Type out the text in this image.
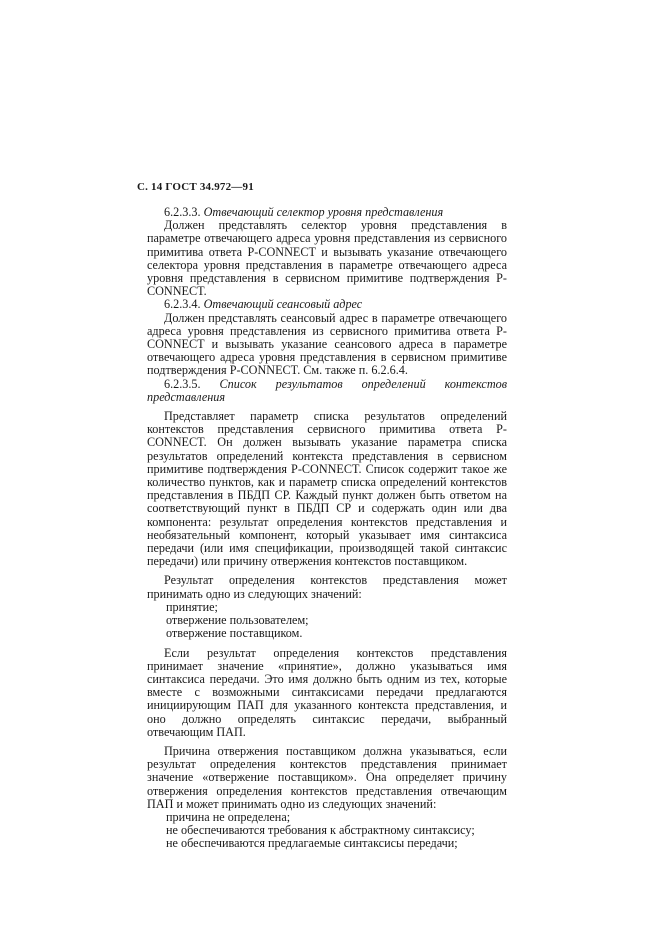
С. 14 ГОСТ 34.972—91

6.2.3.3. Отвечающий селектор уровня представления

Должен представлять селектор уровня представления в параметре отвечающего адреса уровня представления из сервисного примитива ответа P-CONNECT и вызывать указание отвечающего селектора уровня представления в параметре отвечающего адреса уровня представления в сервисном примитиве подтверждения P-CONNECT.

6.2.3.4. Отвечающий сеансовый адрес

Должен представлять сеансовый адрес в параметре отвечающего адреса уровня представления из сервисного примитива ответа P-CONNECT и вызывать указание сеансового адреса в параметре отвечающего адреса уровня представления в сервисном примитиве подтверждения P-CONNECT. См. также п. 6.2.6.4.

6.2.3.5. Список результатов определений контекстов представления

Представляет параметр списка результатов определений контекстов представления сервисного примитива ответа P-CONNECT. Он должен вызывать указание параметра списка результатов определений контекста представления в сервисном примитиве подтверждения P-CONNECT. Список содержит такое же количество пунктов, как и параметр списка определений контекстов представления в ПБДП СР. Каждый пункт должен быть ответом на соответствующий пункт в ПБДП СР и содержать один или два компонента: результат определения контекстов представления и необязательный компонент, который указывает имя синтаксиса передачи (или имя спецификации, производящей такой синтаксис передачи) или причину отвержения контекстов поставщиком.

Результат определения контекстов представления может принимать одно из следующих значений:

принятие;

отвержение пользователем;

отвержение поставщиком.

Если результат определения контекстов представления принимает значение «принятие», должно указываться имя синтаксиса передачи. Это имя должно быть одним из тех, которые вместе с возможными синтаксисами передачи предлагаются инициирующим ПАП для указанного контекста представления, и оно должно определять синтаксис передачи, выбранный отвечающим ПАП.

Причина отвержения поставщиком должна указываться, если результат определения контекстов представления принимает значение «отвержение поставщиком». Она определяет причину отвержения определения контекстов представления отвечающим ПАП и может принимать одно из следующих значений:

причина не определена;

не обеспечиваются требования к абстрактному синтаксису;

не обеспечиваются предлагаемые синтаксисы передачи;
